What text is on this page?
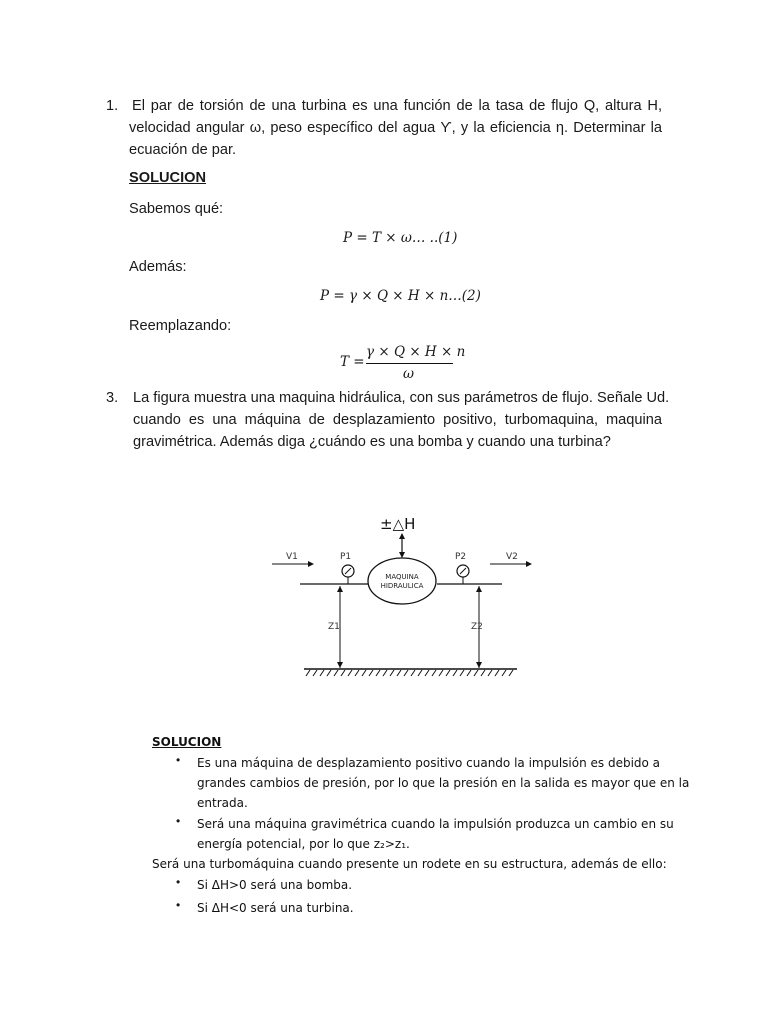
1. El par de torsión de una turbina es una función de la tasa de flujo Q, altura H,
velocidad angular ω, peso específico del agua ϒ, y la eficiencia η. Determinar la
ecuación de par.
SOLUCION
Sabemos qué:
P = T × ω… ..(1)
Además:
P = γ × Q × H × n…(2)
Reemplazando:
T =
γ × Q × H × n
ω
3. La figura muestra una maquina hidráulica, con sus parámetros de flujo. Señale Ud.
cuando es una máquina de desplazamiento positivo, turbomaquina, maquina
gravimétrica. Además diga ¿cuándo es una bomba y cuando una turbina?
±△H
V1	V2
P1	P2
MAQUINA
HIDRAULICA
Z1	Z2
SOLUCION
• Es una máquina de desplazamiento positivo cuando la impulsión es debido a
grandes cambios de presión, por lo que la presión en la salida es mayor que en la
entrada.
• Será una máquina gravimétrica cuando la impulsión produzca un cambio en su
energía potencial, por lo que z₂>z₁.
Será una turbomáquina cuando presente un rodete en su estructura, además de ello:
• Si ΔH>0 será una bomba.
• Si ΔH<0 será una turbina.
